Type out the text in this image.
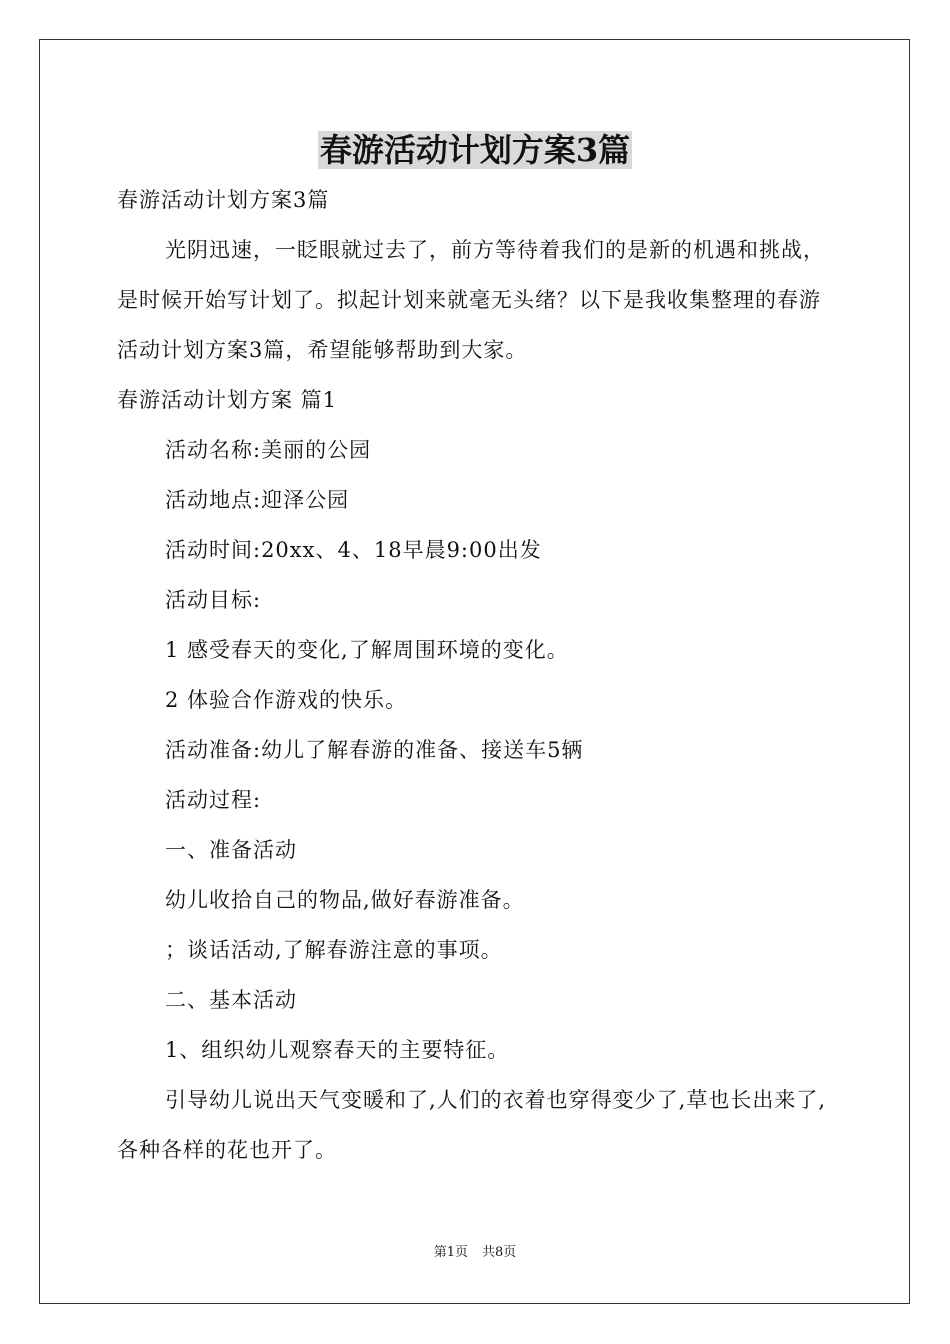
春游活动计划方案3篇

春游活动计划方案3篇

光阴迅速，一眨眼就过去了，前方等待着我们的是新的机遇和挑战，是时候开始写计划了。拟起计划来就毫无头绪？以下是我收集整理的春游活动计划方案3篇，希望能够帮助到大家。

春游活动计划方案 篇1

活动名称:美丽的公园

活动地点:迎泽公园

活动时间:20xx、4、18早晨9:00出发

活动目标:

1 感受春天的变化,了解周围环境的变化。

2 体验合作游戏的快乐。

活动准备:幼儿了解春游的准备、接送车5辆

活动过程:

一、准备活动

幼儿收拾自己的物品,做好春游准备。

；谈话活动,了解春游注意的事项。

二、基本活动

1、组织幼儿观察春天的主要特征。

引导幼儿说出天气变暖和了,人们的衣着也穿得变少了,草也长出来了,各种各样的花也开了。

第1页 共8页
